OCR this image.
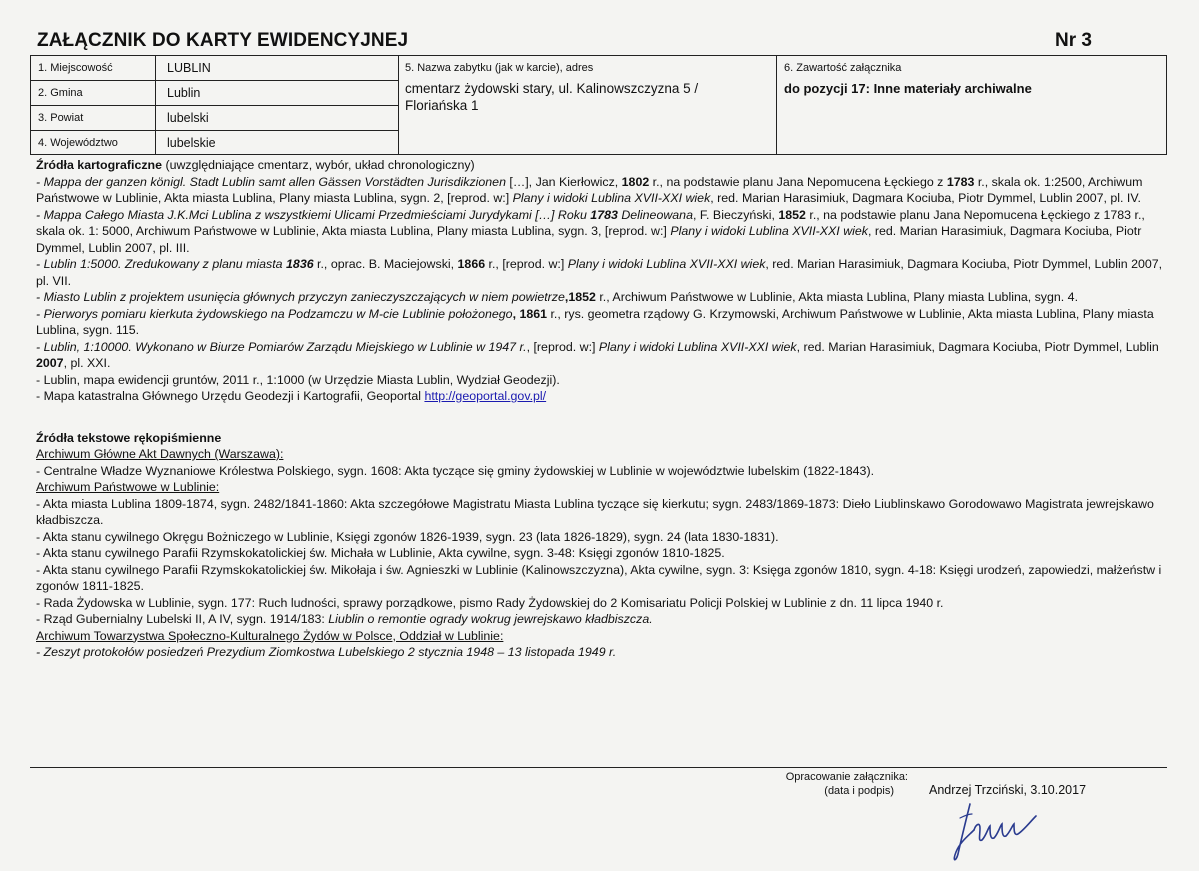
ZAŁĄCZNIK DO KARTY EWIDENCYJNEJ	Nr 3
1. Miejscowość	LUBLIN
2. Gmina	Lublin
3. Powiat	lubelski
4. Województwo	lubelskie
5. Nazwa zabytku (jak w karcie), adres
cmentarz żydowski stary, ul. Kalinowszczyzna 5 / Floriańska 1
6. Zawartość załącznika
do pozycji 17: Inne materiały archiwalne

Źródła kartograficzne (uwzględniające cmentarz, wybór, układ chronologiczny)

- Mappa der ganzen königl. Stadt Lublin samt allen Gässen Vorstädten Jurisdikzionen […], Jan Kierłowicz, 1802 r., na podstawie planu Jana Nepomucena Łęckiego z 1783 r., skala ok. 1:2500, Archiwum Państwowe w Lublinie, Akta miasta Lublina, Plany miasta Lublina, sygn. 2, [reprod. w:] Plany i widoki Lublina XVII-XXI wiek, red. Marian Harasimiuk, Dagmara Kociuba, Piotr Dymmel, Lublin 2007, pl. IV.

- Mappa Całego Miasta J.K.Mci Lublina z wszystkiemi Ulicami Przedmieściami Jurydykami […] Roku 1783 Delineowana, F. Bieczyński, 1852 r., na podstawie planu Jana Nepomucena Łęckiego z 1783 r., skala ok. 1: 5000, Archiwum Państwowe w Lublinie, Akta miasta Lublina, Plany miasta Lublina, sygn. 3, [reprod. w:] Plany i widoki Lublina XVII-XXI wiek, red. Marian Harasimiuk, Dagmara Kociuba, Piotr Dymmel, Lublin 2007, pl. III.

- Lublin 1:5000. Zredukowany z planu miasta 1836 r., oprac. B. Maciejowski, 1866 r., [reprod. w:] Plany i widoki Lublina XVII-XXI wiek, red. Marian Harasimiuk, Dagmara Kociuba, Piotr Dymmel, Lublin 2007, pl. VII.

- Miasto Lublin z projektem usunięcia głównych przyczyn zanieczyszczających w niem powietrze,1852 r., Archiwum Państwowe w Lublinie, Akta miasta Lublina, Plany miasta Lublina, sygn. 4.

- Pierworys pomiaru kierkuta żydowskiego na Podzamczu w M-cie Lublinie położonego, 1861 r., rys. geometra rządowy G. Krzymowski, Archiwum Państwowe w Lublinie, Akta miasta Lublina, Plany miasta Lublina, sygn. 115.

- Lublin, 1:10000. Wykonano w Biurze Pomiarów Zarządu Miejskiego w Lublinie w 1947 r., [reprod. w:] Plany i widoki Lublina XVII-XXI wiek, red. Marian Harasimiuk, Dagmara Kociuba, Piotr Dymmel, Lublin 2007, pl. XXI.

- Lublin, mapa ewidencji gruntów, 2011 r., 1:1000 (w Urzędzie Miasta Lublin, Wydział Geodezji).

- Mapa katastralna Głównego Urzędu Geodezji i Kartografii, Geoportal http://geoportal.gov.pl/

Źródła tekstowe rękopiśmienne

Archiwum Główne Akt Dawnych (Warszawa):

- Centralne Władze Wyznaniowe Królestwa Polskiego, sygn. 1608: Akta tyczące się gminy żydowskiej w Lublinie w województwie lubelskim (1822-1843).

Archiwum Państwowe w Lublinie:

- Akta miasta Lublina 1809-1874, sygn. 2482/1841-1860: Akta szczegółowe Magistratu Miasta Lublina tyczące się kierkutu; sygn. 2483/1869-1873: Dieło Liublinskawo Gorodowawo Magistrata jewrejskawo kładbiszcza.

- Akta stanu cywilnego Okręgu Bożniczego w Lublinie, Księgi zgonów 1826-1939, sygn. 23 (lata 1826-1829), sygn. 24 (lata 1830-1831).

- Akta stanu cywilnego Parafii Rzymskokatolickiej św. Michała w Lublinie, Akta cywilne, sygn. 3-48: Księgi zgonów 1810-1825.

- Akta stanu cywilnego Parafii Rzymskokatolickiej św. Mikołaja i św. Agnieszki w Lublinie (Kalinowszczyzna), Akta cywilne, sygn. 3: Księga zgonów 1810, sygn. 4-18: Księgi urodzeń, zapowiedzi, małżeństw i zgonów 1811-1825.

- Rada Żydowska w Lublinie, sygn. 177: Ruch ludności, sprawy porządkowe, pismo Rady Żydowskiej do 2 Komisariatu Policji Polskiej w Lublinie z dn. 11 lipca 1940 r.

- Rząd Gubernialny Lubelski II, A IV, sygn. 1914/183: Liublin o remontie ogrady wokrug jewrejskawo kładbiszcza.

Archiwum Towarzystwa Społeczno-Kulturalnego Żydów w Polsce, Oddział w Lublinie:

- Zeszyt protokołów posiedzeń Prezydium Ziomkostwa Lubelskiego 2 stycznia 1948 – 13 listopada 1949 r.

Opracowanie załącznika:
(data i podpis)	Andrzej Trzciński, 3.10.2017
